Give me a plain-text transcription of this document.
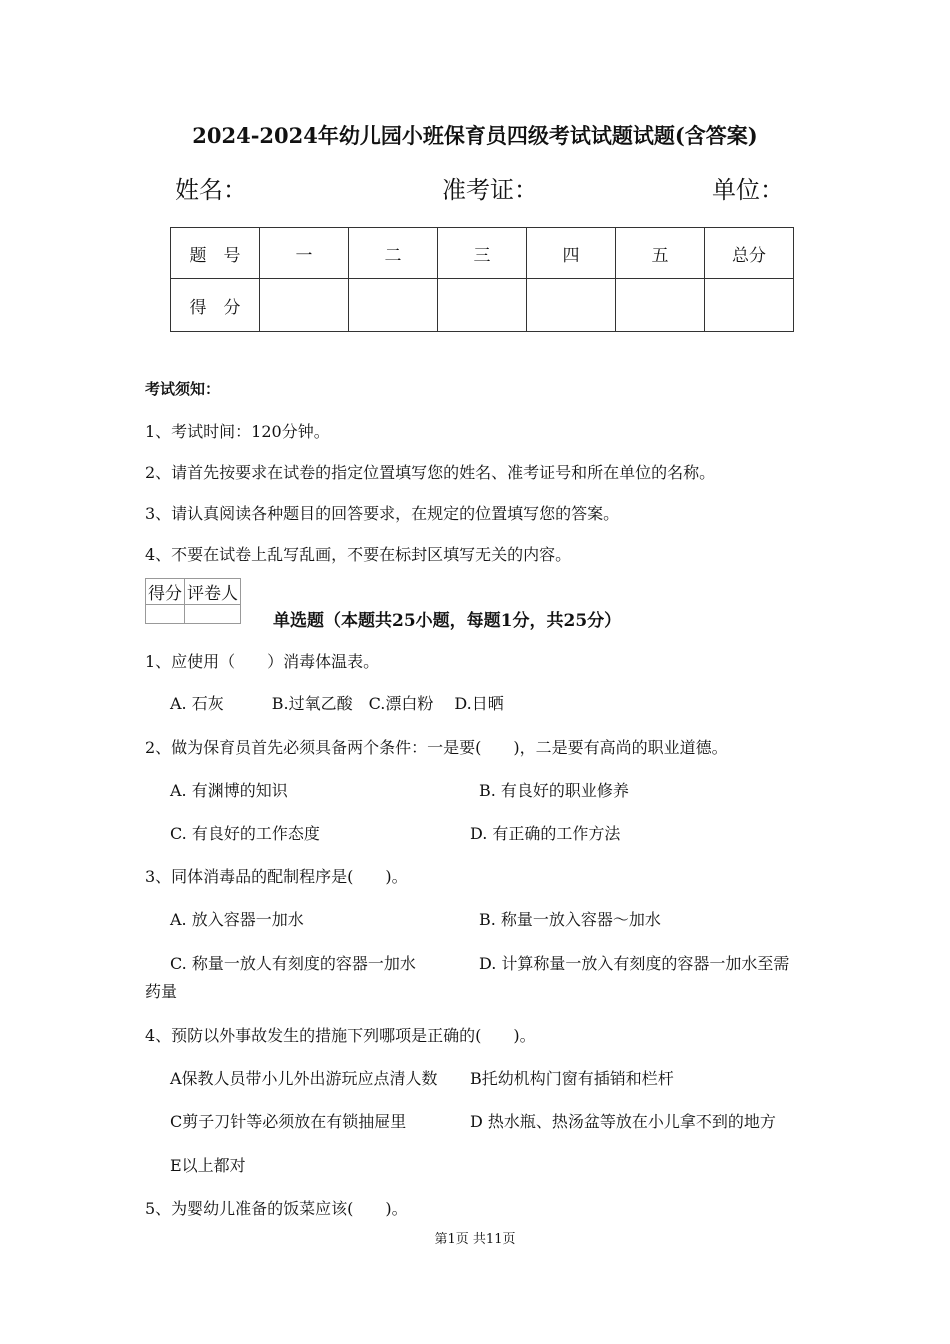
2024-2024年幼儿园小班保育员四级考试试题试题(含答案)
姓名：	准考证：	单位：
题　号	一	二	三	四	五	总分
得　分						
考试须知：
1、考试时间：120分钟。
2、请首先按要求在试卷的指定位置填写您的姓名、准考证号和所在单位的名称。
3、请认真阅读各种题目的回答要求，在规定的位置填写您的答案。
4、不要在试卷上乱写乱画，不要在标封区填写无关的内容。
得分	评卷人

单选题（本题共25小题，每题1分，共25分）
1、应使用（　　）消毒体温表。
A. 石灰　　　B.过氧乙酸　C.漂白粉　 D.日晒
2、做为保育员首先必须具备两个条件：一是要(　　)，二是要有高尚的职业道德。
A. 有渊博的知识	B. 有良好的职业修养
C. 有良好的工作态度	D. 有正确的工作方法
3、同体消毒品的配制程序是(　　)。
A. 放入容器一加水	B. 称量一放入容器～加水
C. 称量一放人有刻度的容器一加水	D. 计算称量一放入有刻度的容器一加水至需
药量
4、预防以外事故发生的措施下列哪项是正确的(　　)。
A保教人员带小儿外出游玩应点清人数 B托幼机构门窗有插销和栏杆
C剪子刀针等必须放在有锁抽屉里	D 热水瓶、热汤盆等放在小儿拿不到的地方
E以上都对
5、为婴幼儿准备的饭菜应该(　　)。
第1页 共11页
